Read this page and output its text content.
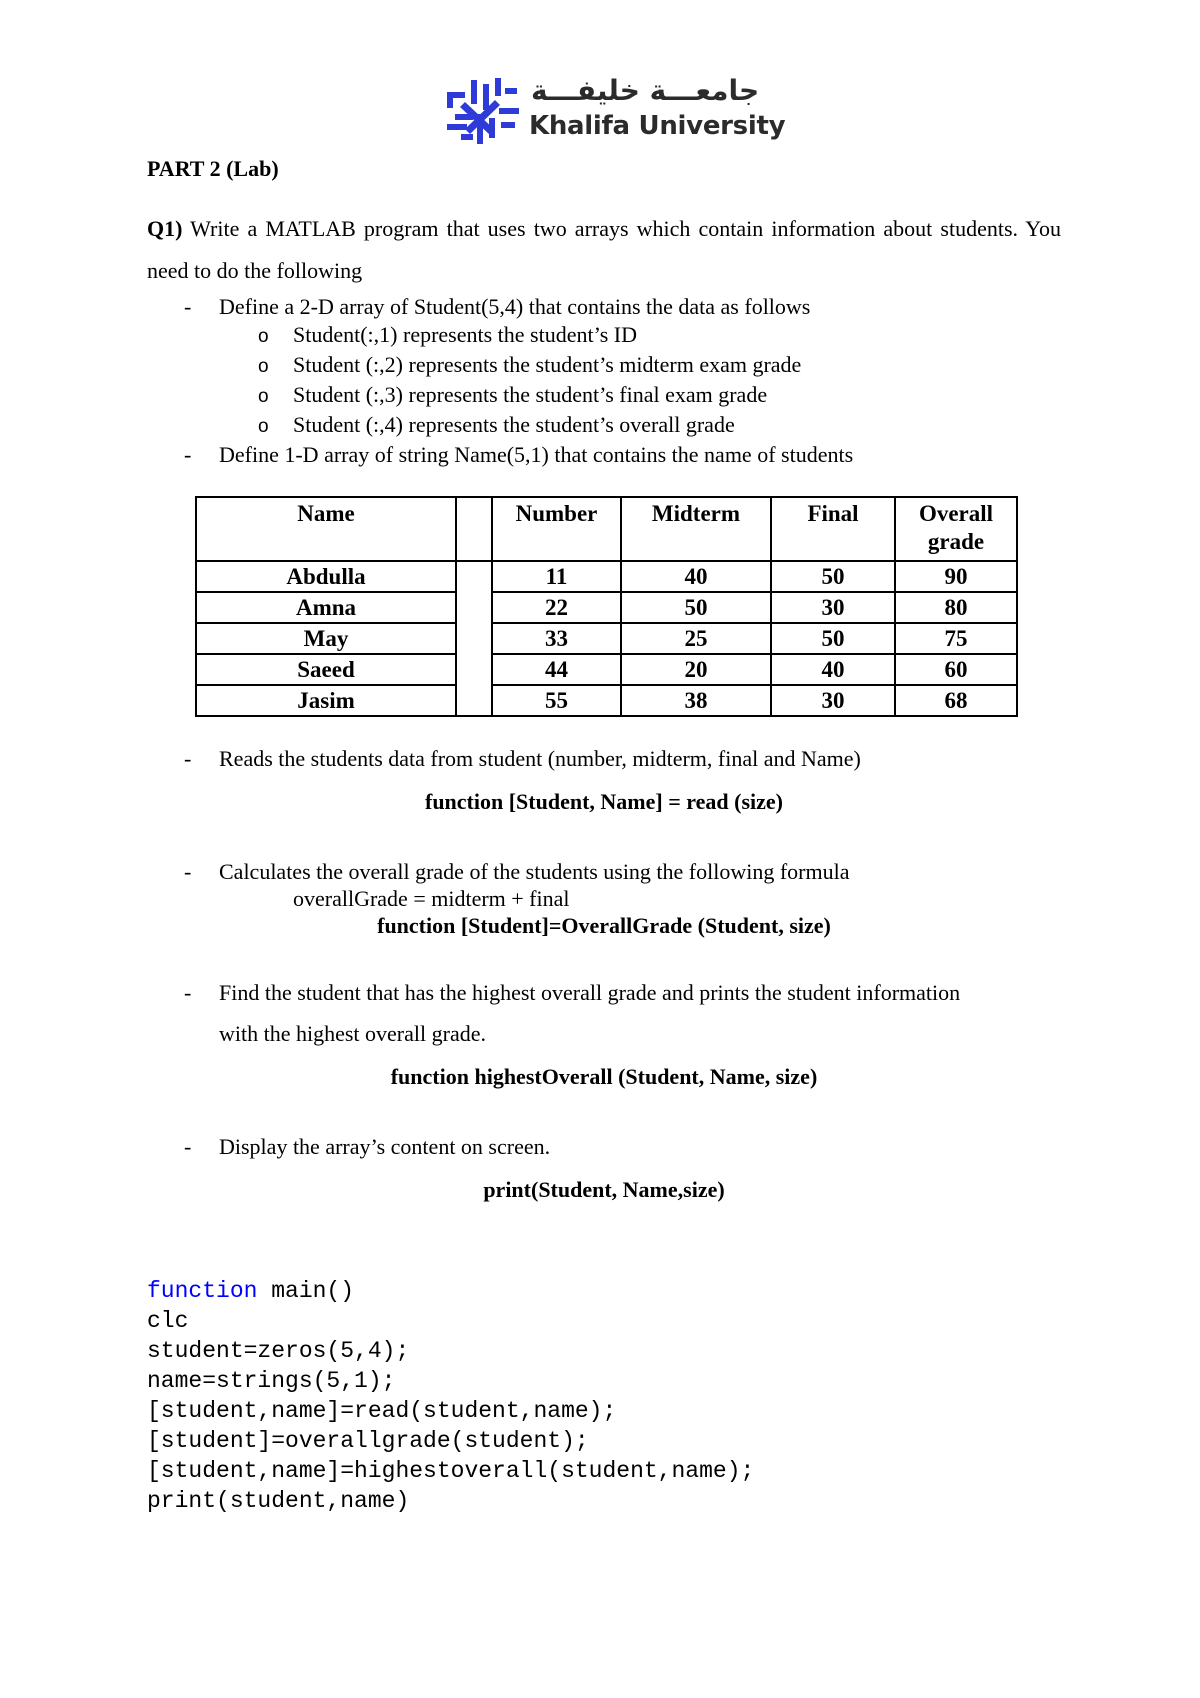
جامعـــة خليفـــة
Khalifa University
PART 2 (Lab)
Q1) Write a MATLAB program that uses two arrays which contain information about students. You need to do the following
- Define a 2-D array of Student(5,4) that contains the data as follows
o Student(:,1) represents the student’s ID
o Student (:,2) represents the student’s midterm exam grade
o Student (:,3) represents the student’s final exam grade
o Student (:,4) represents the student’s overall grade
- Define 1-D array of string Name(5,1) that contains the name of students
Name		Number	Midterm	Final	Overall grade
Abdulla		11	40	50	90
Amna		22	50	30	80
May		33	25	50	75
Saeed		44	20	40	60
Jasim		55	38	30	68
- Reads the students data from student (number, midterm, final and Name)
function [Student, Name] = read (size)
- Calculates the overall grade of the students using the following formula
overallGrade = midterm + final
function [Student]=OverallGrade (Student, size)
- Find the student that has the highest overall grade and prints the student information
with the highest overall grade.
function highestOverall (Student, Name, size)
- Display the array’s content on screen.
print(Student, Name,size)
function main()
clc
student=zeros(5,4);
name=strings(5,1);
[student,name]=read(student,name);
[student]=overallgrade(student);
[student,name]=highestoverall(student,name);
print(student,name)
